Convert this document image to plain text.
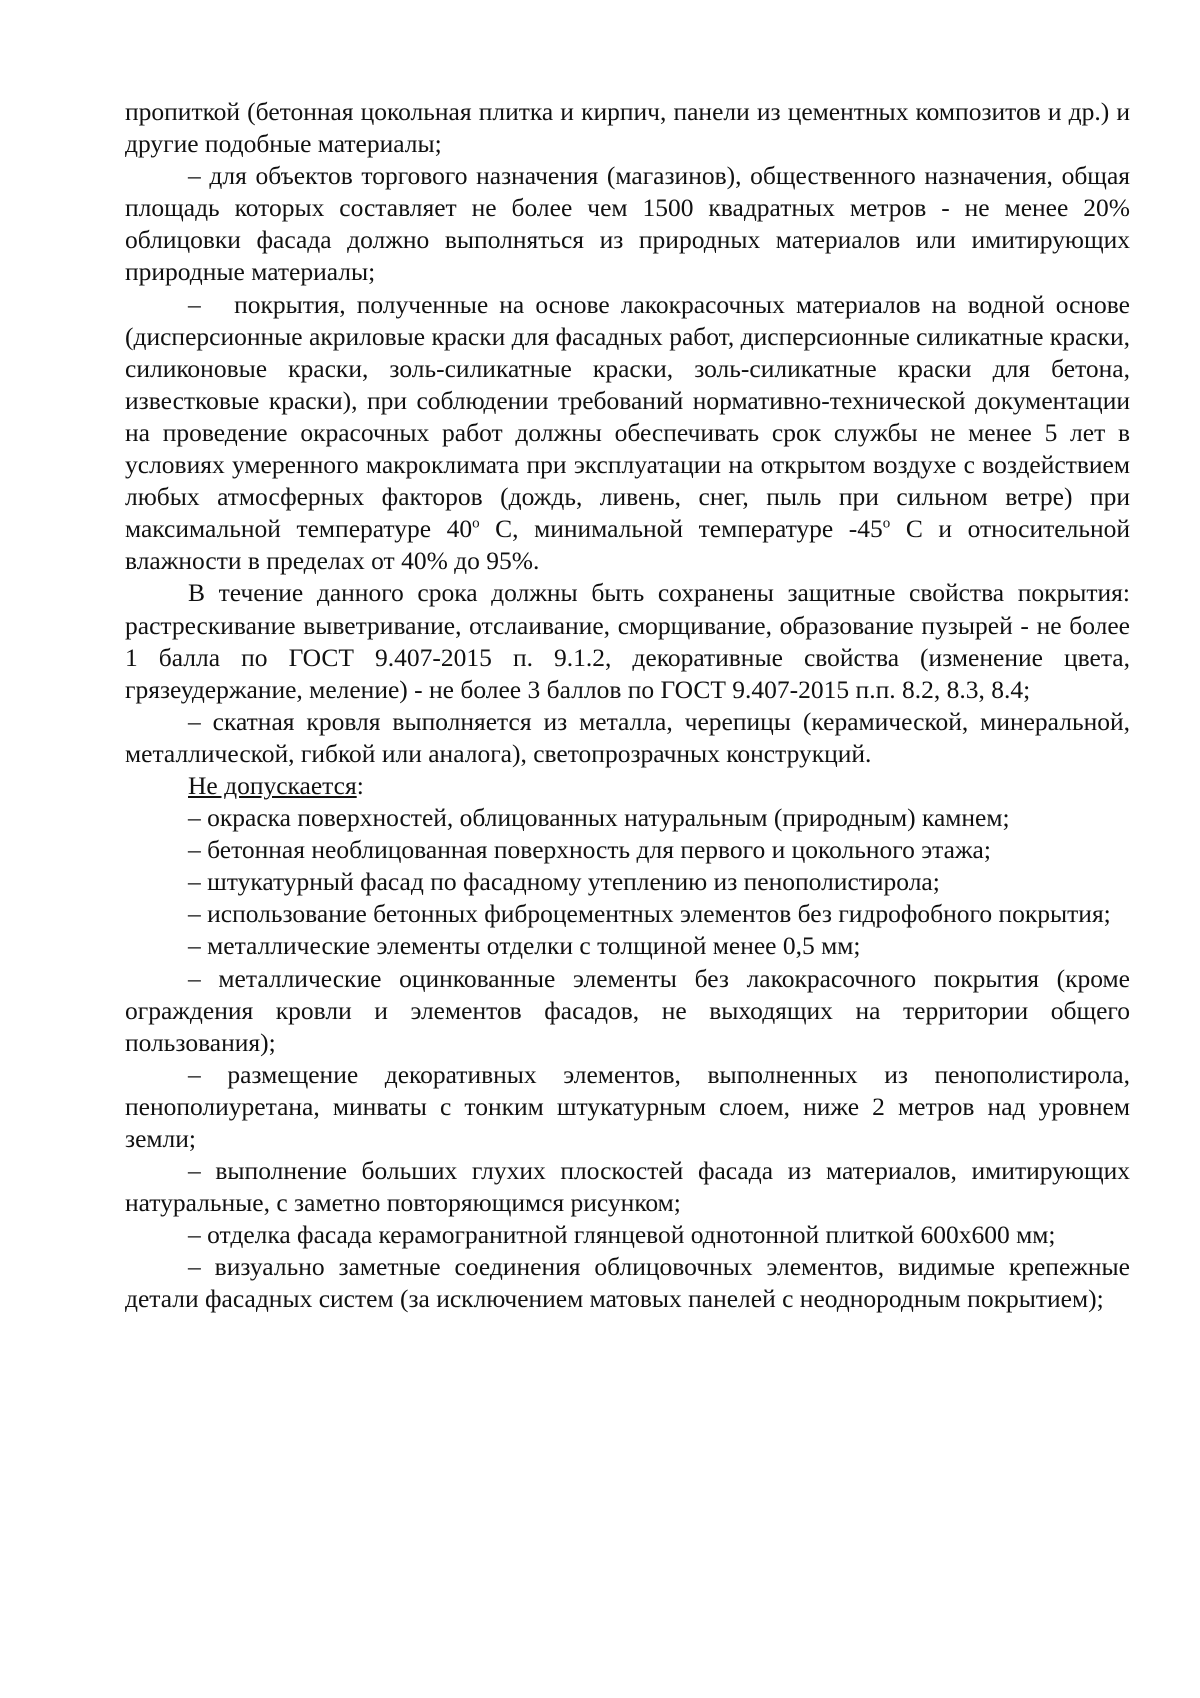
пропиткой (бетонная цокольная плитка и кирпич, панели из цементных композитов и др.) и другие подобные материалы;

– для объектов торгового назначения (магазинов), общественного назначения, общая площадь которых составляет не более чем 1500 квадратных метров - не менее 20% облицовки фасада должно выполняться из природных материалов или имитирующих природные материалы;

– покрытия, полученные на основе лакокрасочных материалов на водной основе (дисперсионные акриловые краски для фасадных работ, дисперсионные силикатные краски, силиконовые краски, золь-силикатные краски, золь-силикатные краски для бетона, известковые краски), при соблюдении требований нормативно-технической документации на проведение окрасочных работ должны обеспечивать срок службы не менее 5 лет в условиях умеренного макроклимата при эксплуатации на открытом воздухе с воздействием любых атмосферных факторов (дождь, ливень, снег, пыль при сильном ветре) при максимальной температуре $40^о$ С, минимальной температуре $-45^о$ С и относительной влажности в пределах от 40% до 95%.

В течение данного срока должны быть сохранены защитные свойства покрытия: растрескивание выветривание, отслаивание, сморщивание, образование пузырей - не более 1 балла по ГОСТ 9.407-2015 п. 9.1.2, декоративные свойства (изменение цвета, грязеудержание, меление) - не более 3 баллов по ГОСТ 9.407-2015 п.п. 8.2, 8.3, 8.4;

– скатная кровля выполняется из металла, черепицы (керамической, минеральной, металлической, гибкой или аналога), светопрозрачных конструкций.

Не допускается:

– окраска поверхностей, облицованных натуральным (природным) камнем;

– бетонная необлицованная поверхность для первого и цокольного этажа;

– штукатурный фасад по фасадному утеплению из пенополистирола;

– использование бетонных фиброцементных элементов без гидрофобного покрытия;

– металлические элементы отделки с толщиной менее 0,5 мм;

– металлические оцинкованные элементы без лакокрасочного покрытия (кроме ограждения кровли и элементов фасадов, не выходящих на территории общего пользования);

– размещение декоративных элементов, выполненных из пенополистирола, пенополиуретана, минваты с тонким штукатурным слоем, ниже 2 метров над уровнем земли;

– выполнение больших глухих плоскостей фасада из материалов, имитирующих натуральные, с заметно повторяющимся рисунком;

– отделка фасада керамогранитной глянцевой однотонной плиткой 600х600 мм;

– визуально заметные соединения облицовочных элементов, видимые крепежные детали фасадных систем (за исключением матовых панелей с неоднородным покрытием);
